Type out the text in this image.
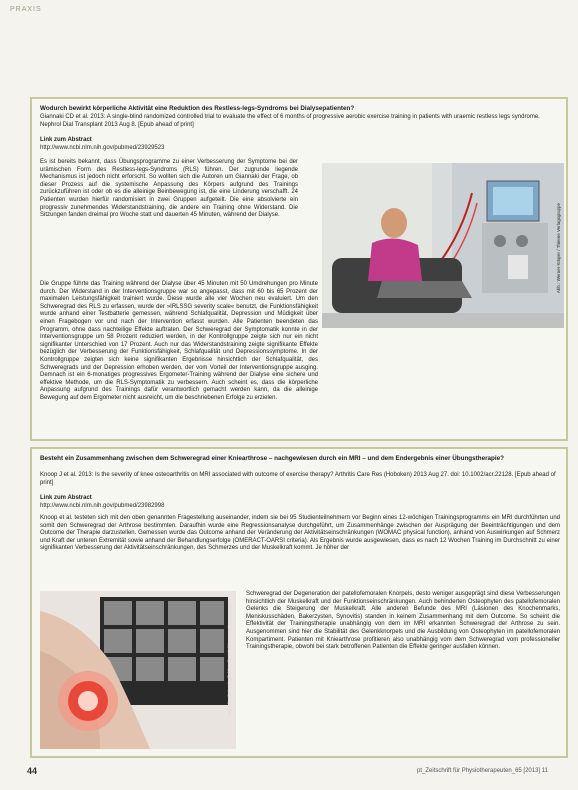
PRAXIS

Wodurch bewirkt körperliche Aktivität eine Reduktion des Restless-legs-Syndroms bei Dialysepatienten?

Giannaki CD et al. 2013: A single-blind randomized controlled trial to evaluate the effect of 6 months of progressive aerobic exercise training in patients with uraemic restless legs syndrome. Nephrol Dial Transplant 2013 Aug 8. [Epub ahead of print]

Link zum Abstract
http://www.ncbi.nlm.nih.gov/pubmed/23929523

Es ist bereits bekannt, dass Übungsprogramme zu einer Verbesserung der Symptome bei der urämischen Form des Restless-legs-Syndroms (RLS) führen. Der zugrunde liegende Mechanismus ist jedoch nicht erforscht. So wollten sich die Autoren um Giannaki der Frage, ob dieser Prozess auf die systemische Anpassung des Körpers aufgrund des Trainings zurückzuführen ist oder ob es die alleinige Beinbewegung ist, die eine Linderung verschafft. 24 Patienten wurden hierfür randomisiert in zwei Gruppen aufgeteilt. Die eine absolvierte ein progressiv zunehmendes Widerstandstraining, die andere ein Training ohne Widerstand. Die Sitzungen fanden dreimal pro Woche statt und dauerten 45 Minuten, während der Dialyse.	Abb.: Werner Krüper / Thieme Verlagsgruppe

Die Gruppe führte das Training während der Dialyse über 45 Minuten mit 50 Umdrehungen pro Minute durch. Der Widerstand in der Interventionsgruppe war so angepasst, dass mit 60 bis 65 Prozent der maximalen Leistungsfähigkeit trainiert wurde. Diese wurde alle vier Wochen neu evaluiert. Um den Schweregrad des RLS zu erfassen, wurde der »IRLSSG severity scale« benutzt, die Funktionsfähigkeit wurde anhand einer Testbatterie gemessen, während Schlafqualität, Depression und Müdigkeit über einen Fragebogen vor und nach der Intervention erfasst wurden. Alle Patienten beendeten das Programm, ohne dass nachteilige Effekte auftraten. Der Schweregrad der Symptomatik konnte in der Interventionsgruppe um 58 Prozent reduziert werden, in der Kontrollgruppe zeigte sich nur ein nicht signifikanter Unterschied von 17 Prozent. Auch nur das Widerstandstraining zeigte signifikante Effekte bezüglich der Verbesserung der Funktionsfähigkeit, Schlafqualität und Depressionssymptome. In der Kontrollgruppe zeigten sich keine signifikanten Ergebnisse hinsichtlich der Schlafqualität, des Schweregrads und der Depression erhoben werden, der vom Vorteil der Interventionsgruppe ausging. Demnach ist ein 6-monatiges progressives Ergometer-Training während der Dialyse eine sichere und effektive Methode, um die RLS-Symptomatik zu verbessern. Auch scheint es, dass die körperliche Anpassung aufgrund des Trainings dafür verantwortlich gemacht werden kann, da die alleinige Bewegung auf dem Ergometer nicht ausreicht, um die beschriebenen Erfolge zu erzielen.

Besteht ein Zusammenhang zwischen dem Schweregrad einer Kniearthrose – nachgewiesen durch ein MRI – und dem Endergebnis einer Übungstherapie?

Knoop J et al. 2013: Is the severity of knee osteoarthritis on MRI associated with outcome of exercise therapy? Arthritis Care Res (Hoboken) 2013 Aug 27. doi: 10.1002/acr.22128. [Epub ahead of print]

Link zum Abstract
http://www.ncbi.nlm.nih.gov/pubmed/23982998

Knoop et al. testeten sich mit den oben genannten Fragestellung auseinander, indem sie bei 95 Studienteilnehmern vor Beginn eines 12-wöchigen Trainingsprogramms ein MRI durchführten und somit den Schweregrad der Arthrose bestimmten. Daraufhin wurde eine Regressionsanalyse durchgeführt, um Zusammenhänge zwischen der Ausprägung der Beeinträchtigungen und dem Outcome der Therapie darzustellen. Gemessen wurde das Outcome anhand der Veränderung der Aktivitätseinschränkungen (WOMAC physical function), anhand von Auswirkungen auf Schmerz und Kraft der unteren Extremität sowie anhand der Behandlungserfolge (OMERACT-OARSI criteria). Als Ergebnis wurde ausgewiesen, dass es nach 12 Wochen Training im Durchschnitt zu einer signifikanten Verbesserung der Aktivitätseinschränkungen, des Schmerzes und der Muskelkraft kommt. Je höher der

Abb.: fotolia/Springfield Gallery / Thieme Verlagsgruppe

Schweregrad der Degeneration der patellofemoralen Knorpels, desto weniger ausgeprägt sind diese Verbesserungen hinsichtlich der Muskelkraft und der Funktionseinschränkungen. Auch behinderten Osteophyten des patellofemoralen Gelenks die Steigerung der Muskelkraft. Alle anderen Befunde des MRI (Läsionen des Knochenmarks, Meniskusschäden, Bakerzysten, Synovitis) standen in keinem Zusammenhang mit dem Outcome. So scheint die Effektivität der Trainingstherapie unabhängig von dem im MRI erkannten Schweregrad der Arthrose zu sein. Ausgenommen sind hier die Stabilität des Gelenkknorpels und die Ausbildung von Osteophyten im patellofemoralen Kompartiment. Patienten mit Kniearthrose profitieren also unabhängig vom dem Schweregrad vom professioneller Trainingstherapie, obwohl bei stark betroffenen Patienten die Effekte geringer ausfallen können.

44	pt_Zeitschrift für Physiotherapeuten_65 [2013] 11
